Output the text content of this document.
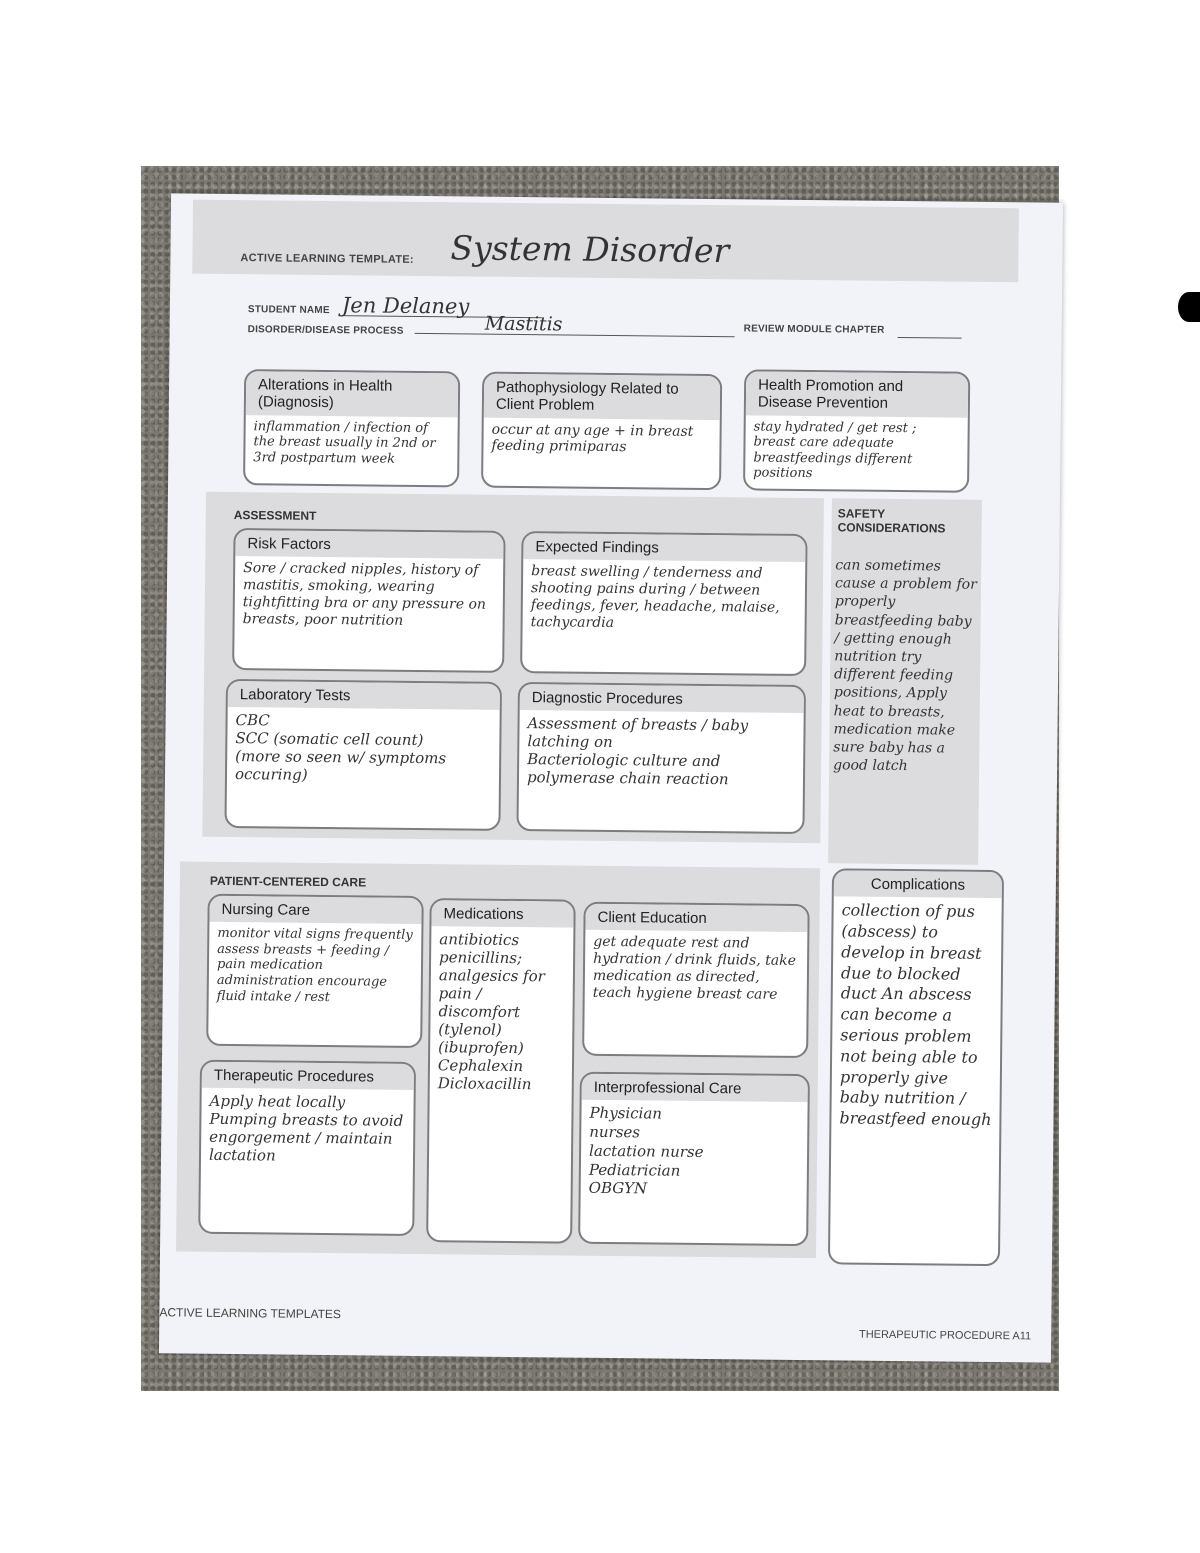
ACTIVE LEARNING TEMPLATE: System Disorder
STUDENT NAME Jen Delaney
DISORDER/DISEASE PROCESS	Mastitis	REVIEW MODULE CHAPTER
Alterations in Health (Diagnosis)
inflammation / infection of the breast usually in 2nd or 3rd postpartum week
Pathophysiology Related to Client Problem
occur at any age + in breast feeding primiparas
Health Promotion and Disease Prevention
stay hydrated / get rest ; breast care adequate breastfeedings different positions
ASSESSMENT
Risk Factors
Sore / cracked nipples, history of mastitis, smoking, wearing tightfitting bra or any pressure on breasts, poor nutrition
Expected Findings
breast swelling / tenderness and shooting pains during / between feedings, fever, headache, malaise, tachycardia
Laboratory Tests
CBC
SCC (somatic cell count)
(more so seen w/ symptoms occuring)
Diagnostic Procedures
Assessment of breasts / baby latching on
Bacteriologic culture and polymerase chain reaction
SAFETY CONSIDERATIONS
can sometimes cause a problem for properly breastfeeding baby / getting enough nutrition try different feeding positions, Apply heat to breasts, medication make sure baby has a good latch
PATIENT-CENTERED CARE
Nursing Care
monitor vital signs frequently assess breasts + feeding / pain medication administration encourage fluid intake / rest
Medications
antibiotics penicillins; analgesics for pain / discomfort (tylenol) (ibuprofen)
Cephalexin Dicloxacillin
Client Education
get adequate rest and hydration / drink fluids, take medication as directed, teach hygiene breast care
Therapeutic Procedures
Apply heat locally Pumping breasts to avoid engorgement / maintain lactation
Interprofessional Care
Physician
nurses
lactation nurse
Pediatrician
OBGYN
Complications
collection of pus (abscess) to develop in breast due to blocked duct An abscess can become a serious problem not being able to properly give baby nutrition / breastfeed enough
ACTIVE LEARNING TEMPLATES
THERAPEUTIC PROCEDURE A11
